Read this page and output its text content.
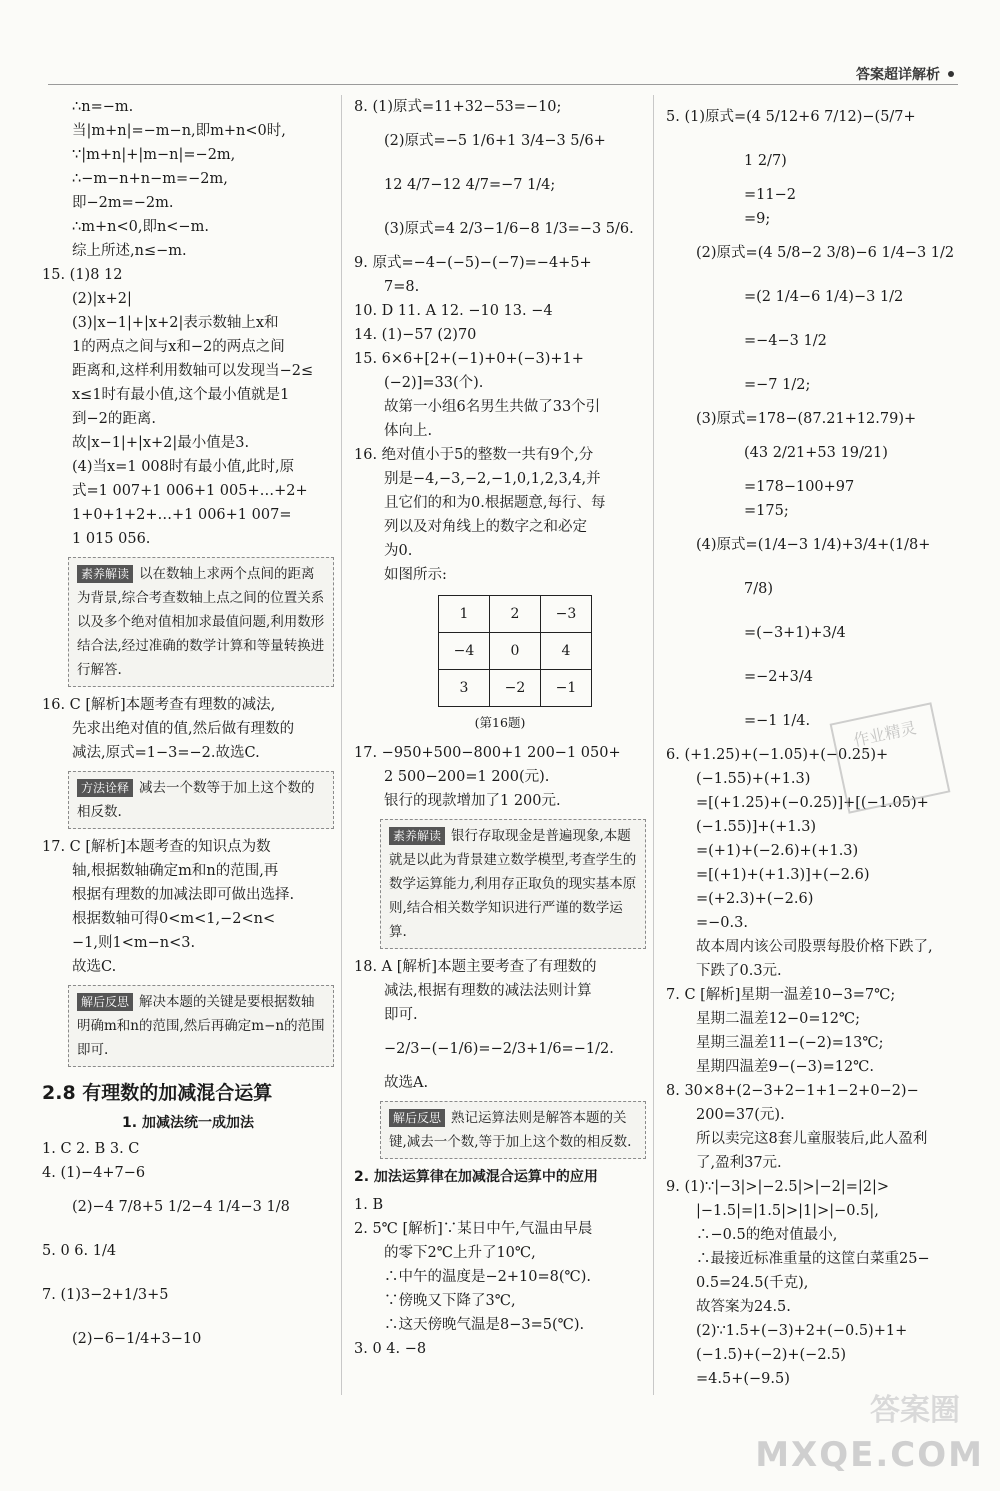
答案超详解析
∴n=−m.
当|m+n|=−m−n,即m+n<0时,
∵|m+n|+|m−n|=−2m,
∴−m−n+n−m=−2m,
即−2m=−2m.
∴m+n<0,即n<−m.
综上所述,n≤−m.
15. (1)8 12
(2)|x+2|
(3)|x−1|+|x+2|表示数轴上x和
1的两点之间与x和−2的两点之间
距离和,这样利用数轴可以发现当−2≤
x≤1时有最小值,这个最小值就是1
到−2的距离.
故|x−1|+|x+2|最小值是3.
(4)当x=1 008时有最小值,此时,原
式=1 007+1 006+1 005+…+2+
1+0+1+2+…+1 006+1 007=
1 015 056.
素养解读 以在数轴上求两个点间的距离为背景,综合考查数轴上点之间的位置关系以及多个绝对值相加求最值问题,利用数形结合法,经过准确的数学计算和等量转换进行解答.
16. C [解析]本题考查有理数的减法,
先求出绝对值的值,然后做有理数的
减法,原式=1−3=−2.故选C.
方法诠释 减去一个数等于加上这个数的相反数.
17. C [解析]本题考查的知识点为数
轴,根据数轴确定m和n的范围,再
根据有理数的加减法即可做出选择.
根据数轴可得0<m<1,−2<n<
−1,则1<m−n<3.
故选C.
解后反思 解决本题的关键是要根据数轴明确m和n的范围,然后再确定m−n的范围即可.
2.8 有理数的加减混合运算
1. 加减法统一成加法
1. C 2. B 3. C
4. (1)−4+7−6
(2)−4 7/8+5 1/2−4 1/4−3 1/8
5. 0 6. 1/4
7. (1)3−2+1/3+5
(2)−6−1/4+3−10
8. (1)原式=11+32−53=−10;
(2)原式=−5 1/6+1 3/4−3 5/6+
12 4/7−12 4/7=−7 1/4;
(3)原式=4 2/3−1/6−8 1/3=−3 5/6.
9. 原式=−4−(−5)−(−7)=−4+5+
7=8.
10. D 11. A 12. −10 13. −4
14. (1)−57 (2)70
15. 6×6+[2+(−1)+0+(−3)+1+
(−2)]=33(个).
故第一小组6名男生共做了33个引
体向上.
16. 绝对值小于5的整数一共有9个,分
别是−4,−3,−2,−1,0,1,2,3,4,并
且它们的和为0.根据题意,每行、每
列以及对角线上的数字之和必定
为0.
如图所示:
1	2	−3
−4	0	4
3	−2	−1
(第16题)
17. −950+500−800+1 200−1 050+
2 500−200=1 200(元).
银行的现款增加了1 200元.
素养解读 银行存取现金是普遍现象,本题就是以此为背景建立数学模型,考查学生的数学运算能力,利用存正取负的现实基本原则,结合相关数学知识进行严谨的数学运算.
18. A [解析]本题主要考查了有理数的
减法,根据有理数的减法法则计算
即可.
−2/3−(−1/6)=−2/3+1/6=−1/2.
故选A.
解后反思 熟记运算法则是解答本题的关键,减去一个数,等于加上这个数的相反数.
2. 加法运算律在加减混合运算中的应用
1. B
2. 5℃ [解析]∵某日中午,气温由早晨
的零下2℃上升了10℃,
∴中午的温度是−2+10=8(℃).
∵傍晚又下降了3℃,
∴这天傍晚气温是8−3=5(℃).
3. 0 4. −8
5. (1)原式=(4 5/12+6 7/12)−(5/7+
1 2/7)
=11−2
=9;
(2)原式=(4 5/8−2 3/8)−6 1/4−3 1/2
=(2 1/4−6 1/4)−3 1/2
=−4−3 1/2
=−7 1/2;
(3)原式=178−(87.21+12.79)+
(43 2/21+53 19/21)
=178−100+97
=175;
(4)原式=(1/4−3 1/4)+3/4+(1/8+
7/8)
=(−3+1)+3/4
=−2+3/4
=−1 1/4.
6. (+1.25)+(−1.05)+(−0.25)+
(−1.55)+(+1.3)
=[(+1.25)+(−0.25)]+[(−1.05)+
(−1.55)]+(+1.3)
=(+1)+(−2.6)+(+1.3)
=[(+1)+(+1.3)]+(−2.6)
=(+2.3)+(−2.6)
=−0.3.
故本周内该公司股票每股价格下跌了,
下跌了0.3元.
7. C [解析]星期一温差10−3=7℃;
星期二温差12−0=12℃;
星期三温差11−(−2)=13℃;
星期四温差9−(−3)=12℃.
8. 30×8+(2−3+2−1+1−2+0−2)−
200=37(元).
所以卖完这8套儿童服装后,此人盈利
了,盈利37元.
9. (1)∵|−3|>|−2.5|>|−2|=|2|>
|−1.5|=|1.5|>|1|>|−0.5|,
∴−0.5的绝对值最小,
∴最接近标准重量的这筐白菜重25−
0.5=24.5(千克),
故答案为24.5.
(2)∵1.5+(−3)+2+(−0.5)+1+
(−1.5)+(−2)+(−2.5)
=4.5+(−9.5)
作业精灵
答案圈
MXQE.COM
